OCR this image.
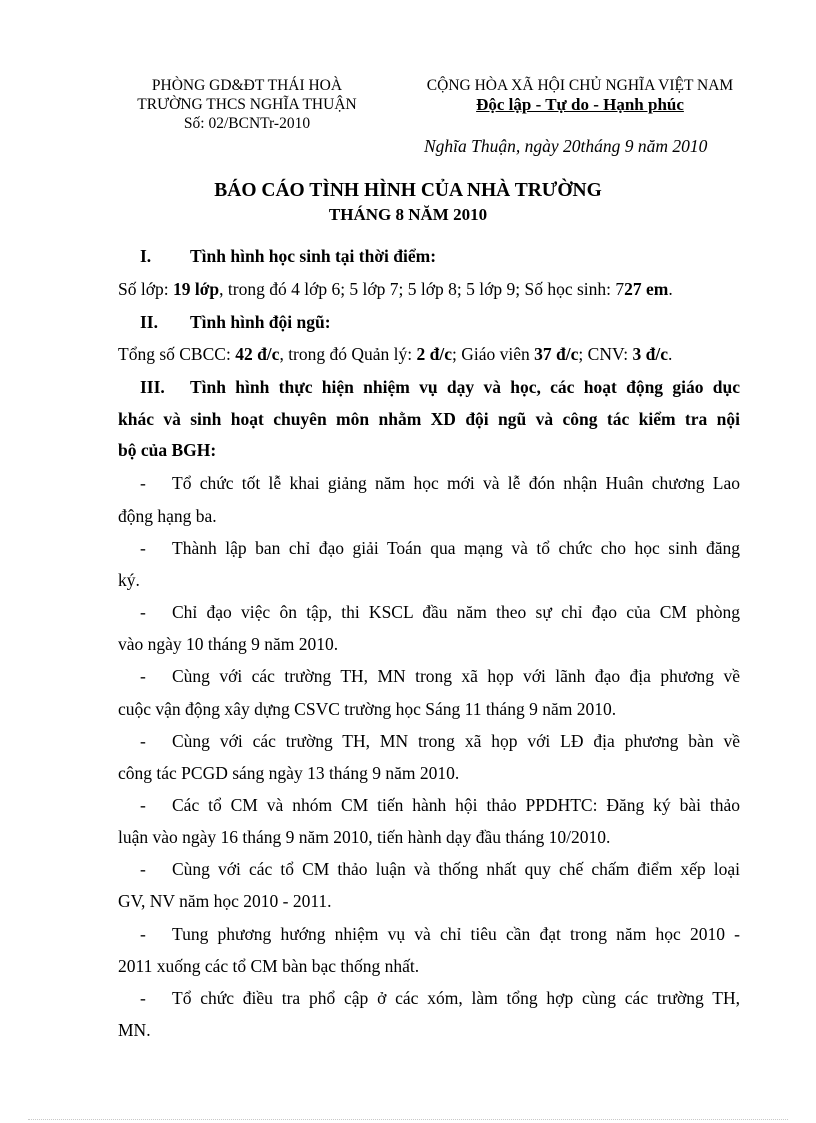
PHÒNG GD&ĐT THÁI HOÀ
TRƯỜNG THCS NGHĨA THUẬN
Số: 02/BCNTr-2010
CỘNG HÒA XÃ HỘI CHỦ NGHĨA VIỆT NAM
Độc lập - Tự do - Hạnh phúc
Nghĩa Thuận, ngày 20tháng 9 năm 2010
BÁO CÁO TÌNH HÌNH CỦA NHÀ TRƯỜNG
THÁNG 8 NĂM 2010
I. Tình hình học sinh tại thời điểm:
Số lớp: 19 lớp, trong đó 4 lớp 6; 5 lớp 7; 5 lớp 8; 5 lớp 9; Số học sinh: 727 em.
II. Tình hình đội ngũ:
Tổng số CBCC: 42 đ/c, trong đó Quản lý: 2 đ/c; Giáo viên 37 đ/c; CNV: 3 đ/c.
III. Tình hình thực hiện nhiệm vụ dạy và học, các hoạt động giáo dục
khác và sinh hoạt chuyên môn nhằm XD đội ngũ và công tác kiểm tra nội
bộ của BGH:
- Tổ chức tốt lễ khai giảng năm học mới và lễ đón nhận Huân chương Lao
động hạng ba.
- Thành lập ban chỉ đạo giải Toán qua mạng và tổ chức cho học sinh đăng
ký.
- Chỉ đạo việc ôn tập, thi KSCL đầu năm theo sự chỉ đạo của CM phòng
vào ngày 10 tháng 9 năm 2010.
- Cùng với các trường TH, MN trong xã họp với lãnh đạo địa phương về
cuộc vận động xây dựng CSVC trường học Sáng 11 tháng 9 năm 2010.
- Cùng với các trường TH, MN trong xã họp với LĐ địa phương bàn về
công tác PCGD sáng ngày 13 tháng 9 năm 2010.
- Các tổ CM và nhóm CM tiến hành hội thảo PPDHTC: Đăng ký bài thảo
luận vào ngày 16 tháng 9 năm 2010, tiến hành dạy đầu tháng 10/2010.
- Cùng với các tổ CM thảo luận và thống nhất quy chế chấm điểm xếp loại
GV, NV năm học 2010 - 2011.
- Tung phương hướng nhiệm vụ và chỉ tiêu cần đạt trong năm học 2010 -
2011 xuống các tổ CM bàn bạc thống nhất.
- Tổ chức điều tra phổ cập ở các xóm, làm tổng hợp cùng các trường TH,
MN.
